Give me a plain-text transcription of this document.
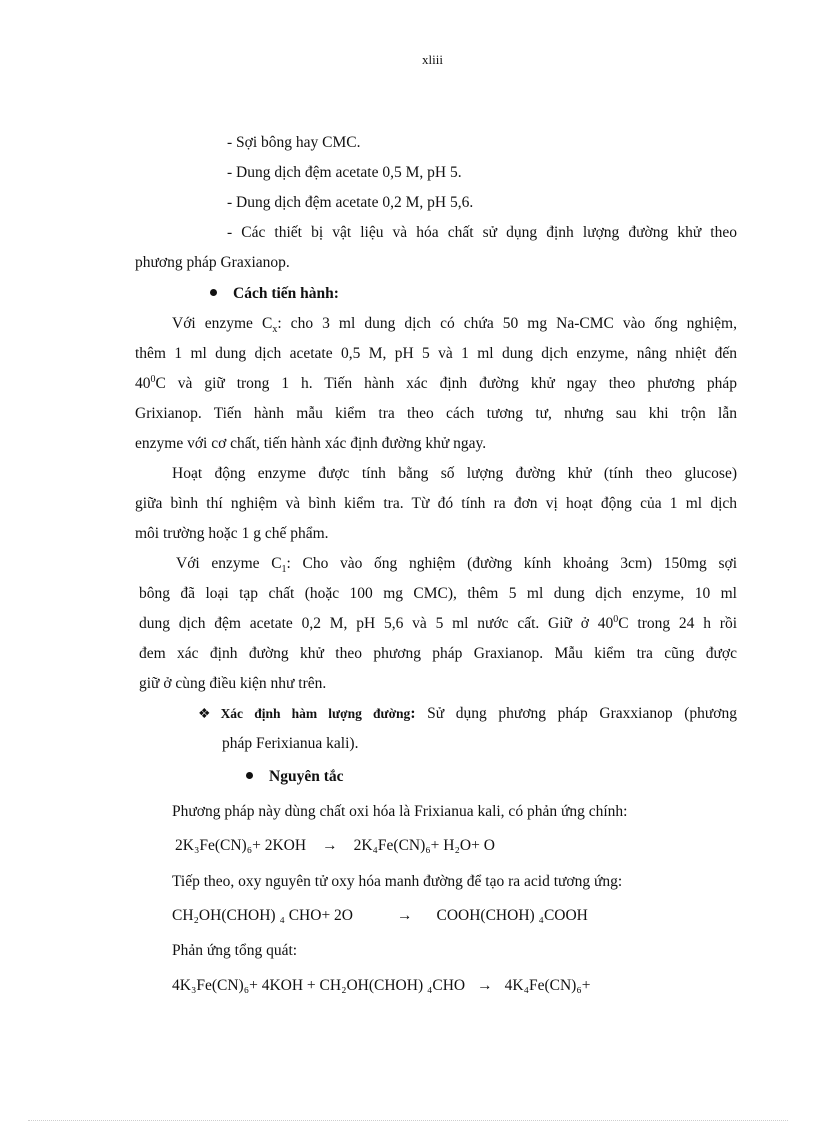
xliii
- Sợi bông hay CMC.
- Dung dịch đệm acetate 0,5 M, pH 5.
- Dung dịch đệm acetate 0,2 M, pH 5,6.
- Các thiết bị vật liệu và hóa chất sử dụng định lượng đường khử theo
phương pháp Graxianop.
Cách tiến hành:
Với enzyme $C_x$: cho 3 ml dung dịch có chứa 50 mg Na-CMC vào ống nghiệm,
thêm 1 ml dung dịch acetate 0,5 M, pH 5 và 1 ml dung dịch enzyme, nâng nhiệt đến
$40^0C$ và giữ trong 1 h. Tiến hành xác định đường khử ngay theo phương pháp
Grixianop. Tiến hành mẫu kiểm tra theo cách tương tư, nhưng sau khi trộn lẫn
enzyme với cơ chất, tiến hành xác định đường khử ngay.
Hoạt động enzyme được tính bằng số lượng đường khử (tính theo glucose)
giữa bình thí nghiệm và bình kiểm tra. Từ đó tính ra đơn vị hoạt động của 1 ml dịch
môi trường hoặc 1 g chế phẩm.
Với enzyme $C_1$: Cho vào ống nghiệm (đường kính khoảng 3cm) 150mg sợi
bông đã loại tạp chất (hoặc 100 mg CMC), thêm 5 ml dung dịch enzyme, 10 ml
dung dịch đệm acetate 0,2 M, pH 5,6 và 5 ml nước cất. Giữ ở $40^0C$ trong 24 h rồi
đem xác định đường khử theo phương pháp Graxianop. Mẫu kiểm tra cũng được
giữ ở cùng điều kiện như trên.
❖ Xác định hàm lượng đường: Sử dụng phương pháp Graxxianop (phương
pháp Ferixianua kali).
Nguyên tắc
Phương pháp này dùng chất oxi hóa là Frixianua kali, có phản ứng chính:
2K₃Fe(CN)₆+ 2KOH → 2K₄Fe(CN)₆+ H₂O+ O
Tiếp theo, oxy nguyên tử oxy hóa manh đường để tạo ra acid tương ứng:
CH₂OH(CHOH) ₄ CHO+ 2O	→ COOH(CHOH) ₄COOH
Phản ứng tổng quát:
4K₃Fe(CN)₆+ 4KOH + CH₂OH(CHOH) ₄CHO → 4K₄Fe(CN)₆+
